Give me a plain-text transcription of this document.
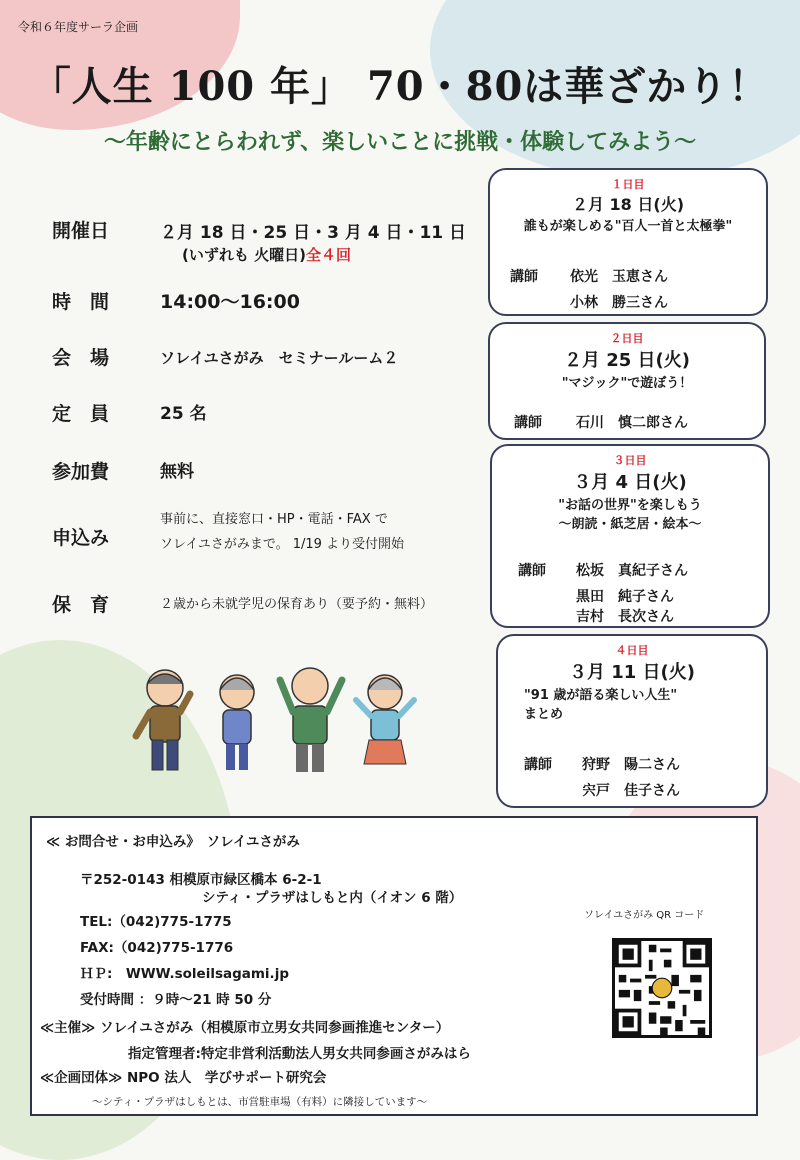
令和６年度サーラ企画
「人生 100 年」 70・80は華ざかり！
〜年齢にとらわれず、楽しいことに挑戦・体験してみよう〜
開催日	２月 18 日・25 日・3 月 4 日・11 日
(いずれも 火曜日)全４回
時　間	14:00〜16:00
会　場	ソレイユさがみ　セミナールーム２
定　員	25 名
参加費	無料
申込み
事前に、直接窓口・HP・電話・FAX で
ソレイユさがみまで。 1/19 より受付開始
保　育	２歳から未就学児の保育あり（要予約・無料）
１日目
２月 18 日(火)
誰もが楽しめる"百人一首と太極拳"
講師 依光　玉恵さん
小林　勝三さん
２日目
２月 25 日(火)
"マジック"で遊ぼう！
講師 石川　慎二郎さん
３日目
３月 4 日(火)
"お話の世界"を楽しもう
〜朗読・紙芝居・絵本〜
講師 松坂　真紀子さん
黒田　純子さん
吉村　長次さん
４日目
３月 11 日(火)
"91 歳が語る楽しい人生"
まとめ
講師 狩野　陽二さん
宍戸　佳子さん
≪ お問合せ・お申込み》　ソレイユさがみ
〒252-0143 相模原市緑区橋本 6-2-1
シティ・プラザはしもと内（イオン 6 階）
TEL:（042)775-1775
FAX:（042)775-1776
ＨＰ:　WWW.soleilsagami.jp
受付時間 ：９時〜21 時 50 分
≪主催≫ ソレイユさがみ（相模原市立男女共同参画推進センター）
指定管理者:特定非営利活動法人男女共同参画さがみはら
≪企画団体≫ NPO 法人　学びサポート研究会
〜シティ・プラザはしもとは、市営駐車場（有料）に隣接しています〜
ソレイユさがみ QR コード
